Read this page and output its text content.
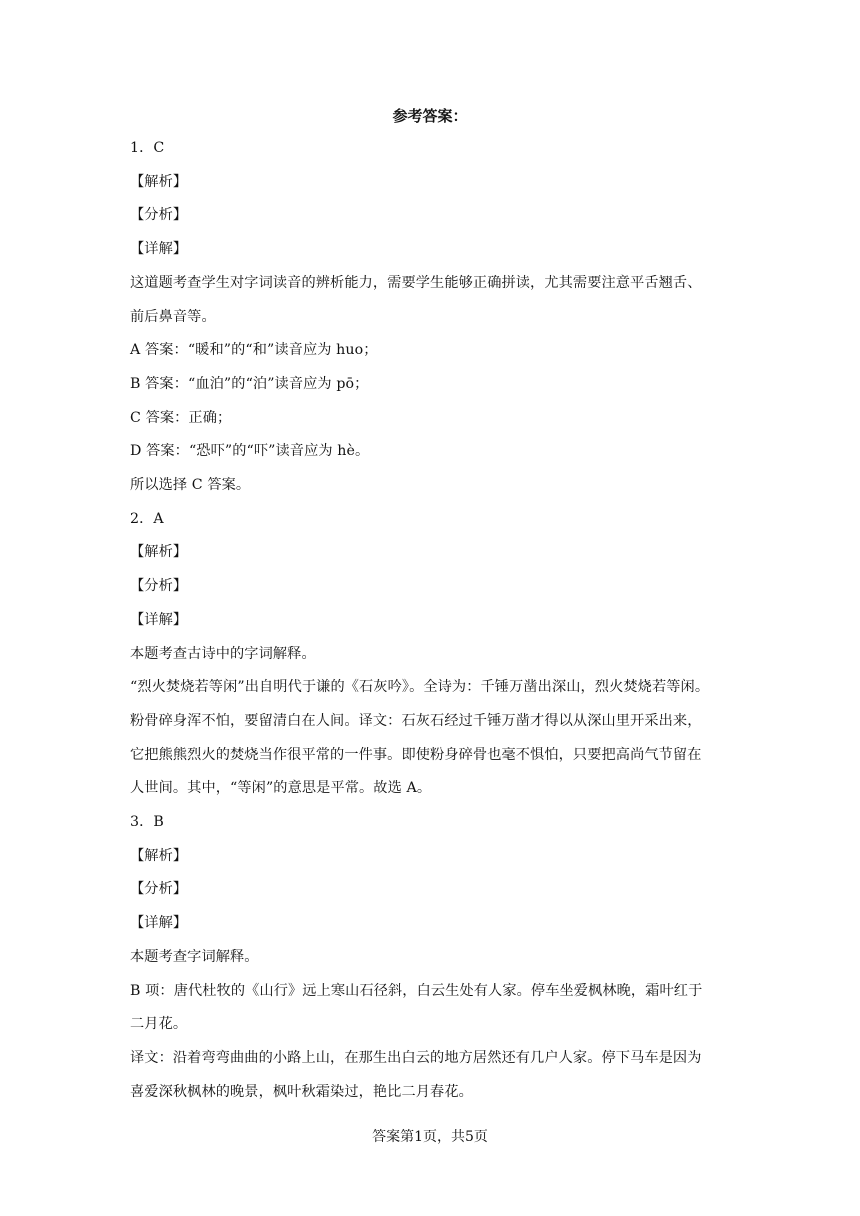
参考答案：
1．C
【解析】
【分析】
【详解】
这道题考查学生对字词读音的辨析能力，需要学生能够正确拼读，尤其需要注意平舌翘舌、
前后鼻音等。
A 答案：“暖和”的“和”读音应为 huo；
B 答案：“血泊”的“泊”读音应为 pō；
C 答案：正确；
D 答案：“恐吓”的“吓”读音应为 hè。
所以选择 C 答案。
2．A
【解析】
【分析】
【详解】
本题考查古诗中的字词解释。
“烈火焚烧若等闲”出自明代于谦的《石灰吟》。全诗为：千锤万凿出深山，烈火焚烧若等闲。
粉骨碎身浑不怕，要留清白在人间。译文：石灰石经过千锤万凿才得以从深山里开采出来，
它把熊熊烈火的焚烧当作很平常的一件事。即使粉身碎骨也毫不惧怕，只要把高尚气节留在
人世间。其中，“等闲”的意思是平常。故选 A。
3．B
【解析】
【分析】
【详解】
本题考查字词解释。
B 项：唐代杜牧的《山行》远上寒山石径斜，白云生处有人家。停车坐爱枫林晚，霜叶红于
二月花。
译文：沿着弯弯曲曲的小路上山，在那生出白云的地方居然还有几户人家。停下马车是因为
喜爱深秋枫林的晚景，枫叶秋霜染过，艳比二月春花。
答案第1页，共5页
